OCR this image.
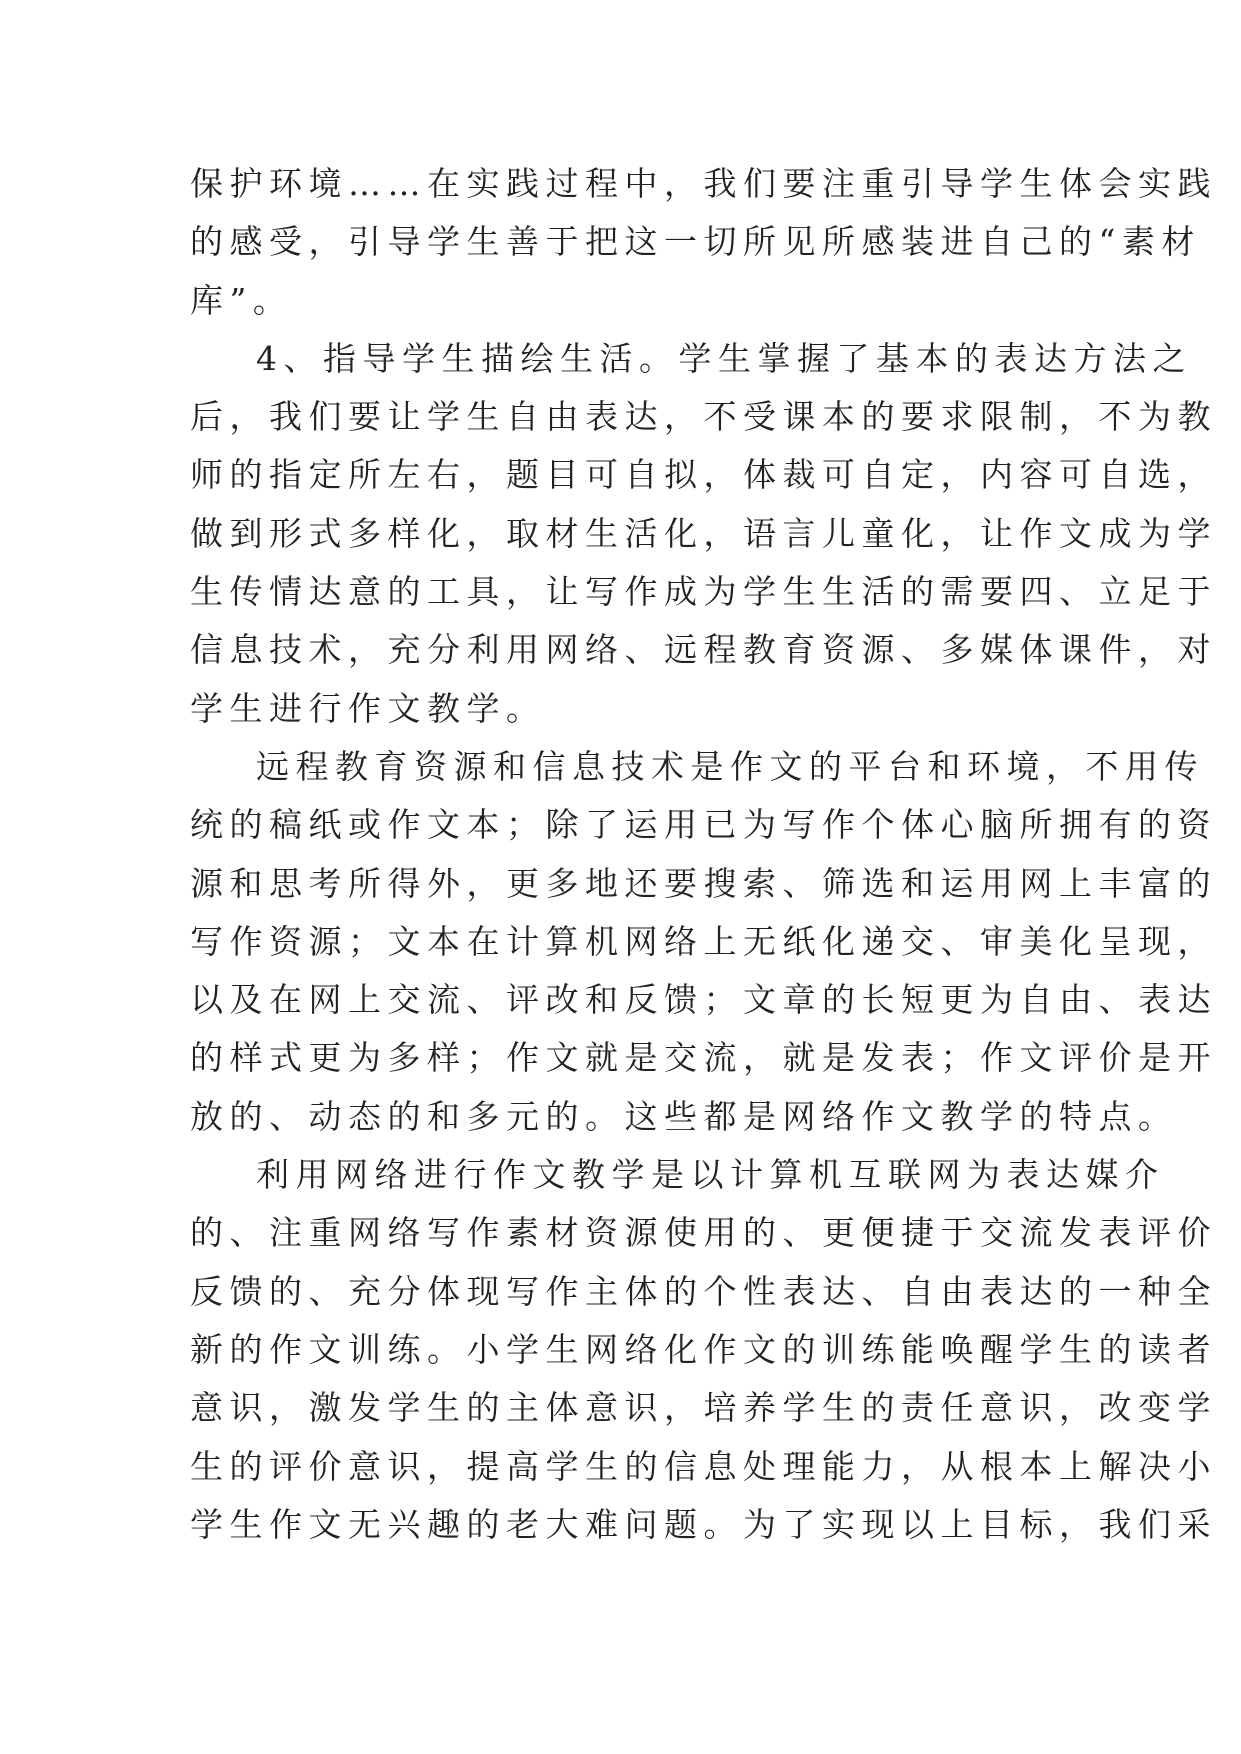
保护环境……在实践过程中，我们要注重引导学生体会实践
的感受，引导学生善于把这一切所见所感装进自己的“素材
库”。
4、指导学生描绘生活。学生掌握了基本的表达方法之
后，我们要让学生自由表达，不受课本的要求限制，不为教
师的指定所左右，题目可自拟，体裁可自定，内容可自选，
做到形式多样化，取材生活化，语言儿童化，让作文成为学
生传情达意的工具，让写作成为学生生活的需要四、立足于
信息技术，充分利用网络、远程教育资源、多媒体课件，对
学生进行作文教学。
远程教育资源和信息技术是作文的平台和环境，不用传
统的稿纸或作文本；除了运用已为写作个体心脑所拥有的资
源和思考所得外，更多地还要搜索、筛选和运用网上丰富的
写作资源；文本在计算机网络上无纸化递交、审美化呈现，
以及在网上交流、评改和反馈；文章的长短更为自由、表达
的样式更为多样；作文就是交流，就是发表；作文评价是开
放的、动态的和多元的。这些都是网络作文教学的特点。
利用网络进行作文教学是以计算机互联网为表达媒介
的、注重网络写作素材资源使用的、更便捷于交流发表评价
反馈的、充分体现写作主体的个性表达、自由表达的一种全
新的作文训练。小学生网络化作文的训练能唤醒学生的读者
意识，激发学生的主体意识，培养学生的责任意识，改变学
生的评价意识，提高学生的信息处理能力，从根本上解决小
学生作文无兴趣的老大难问题。为了实现以上目标，我们采
